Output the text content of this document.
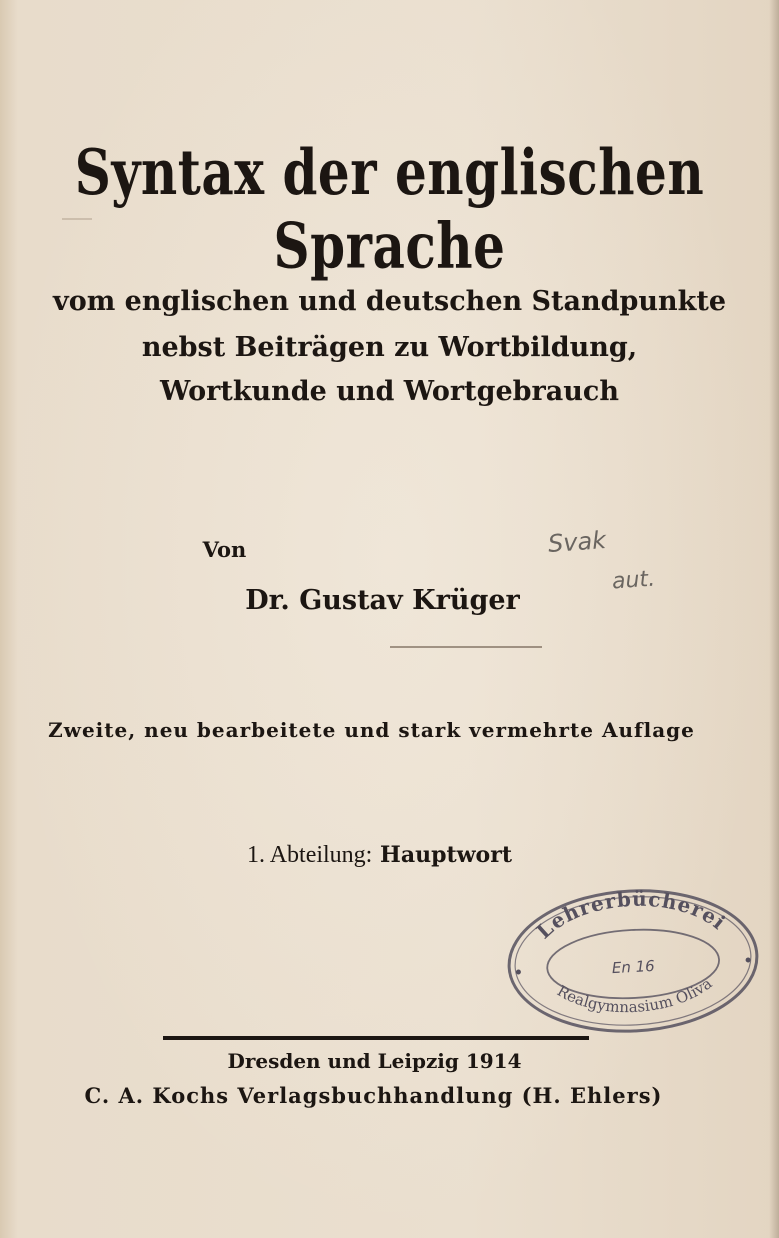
Syntax der englischen Sprache
vom englischen und deutschen Standpunkte
nebst Beiträgen zu Wortbildung,
Wortkunde und Wortgebrauch
Von
Dr. Gustav Krüger
Svak
aut.
Zweite, neu bearbeitete und stark vermehrte Auflage
1. Abteilung: Hauptwort
Lehrerbücherei
Realgymnasium Oliva
En 16
Dresden und Leipzig 1914
C. A. Kochs Verlagsbuchhandlung (H. Ehlers)
